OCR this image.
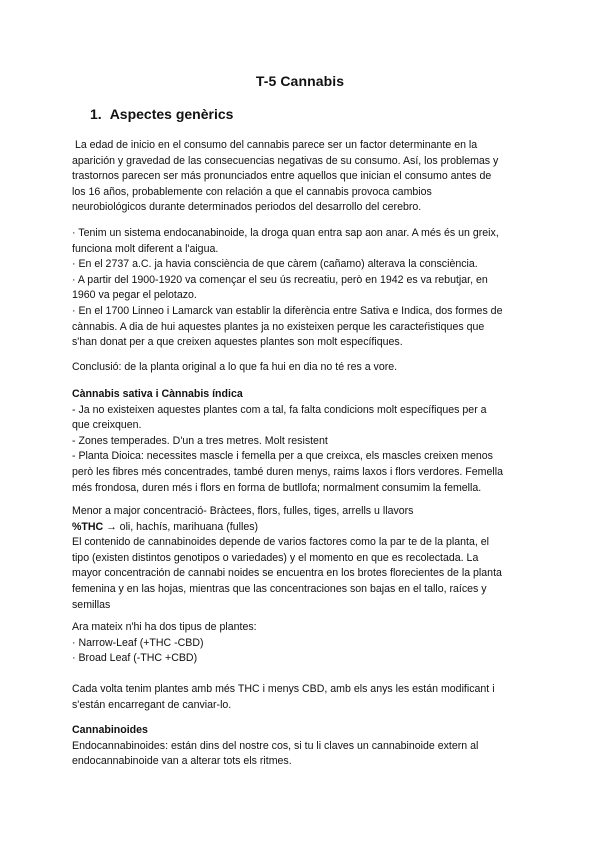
T-5 Cannabis
1. Aspectes genèrics

La edad de inicio en el consumo del cannabis parece ser un factor determinante en la

aparición y gravedad de las consecuencias negativas de su consumo. Así, los problemas y

trastornos parecen ser más pronunciados entre aquellos que inician el consumo antes de

los 16 años, probablemente con relación a que el cannabis provoca cambios

neurobiológicos durante determinados periodos del desarrollo del cerebro.

· Tenim un sistema endocanabinoide, la droga quan entra sap aon anar. A més és un greix,

funciona molt diferent a l'aigua.

· En el 2737 a.C. ja havia consciència de que càrem (cañamo) alterava la consciència.

· A partir del 1900-1920 va començar el seu ús recreatiu, però en 1942 es va rebutjar, en

1960 va pegar el pelotazo.

· En el 1700 Linneo i Lamarck van establir la diferència entre Sativa e Indica, dos formes de

cànnabis. A dia de hui aquestes plantes ja no existeixen perque les caracteŕistiques que

s'han donat per a que creixen aquestes plantes son molt específiques.

Conclusió: de la planta original a lo que fa hui en dia no té res a vore.

Cànnabis sativa i Cànnabis índica

- Ja no existeixen aquestes plantes com a tal, fa falta condicions molt específiques per a

que creixquen.

- Zones temperades. D'un a tres metres. Molt resistent

- Planta Dioica: necessites mascle i femella per a que creixca, els mascles creixen menos

però les fibres més concentrades, també duren menys, raims laxos i flors verdores. Femella

més frondosa, duren més i flors en forma de butllofa; normalment consumim la femella.

Menor a major concentració- Bràctees, flors, fulles, tiges, arrells u llavors

%THC → oli, hachís, marihuana (fulles)

El contenido de cannabinoides depende de varios factores como la par te de la planta, el

tipo (existen distintos genotipos o variedades) y el momento en que es recolectada. La

mayor concentración de cannabi noides se encuentra en los brotes florecientes de la planta

femenina y en las hojas, mientras que las concentraciones son bajas en el tallo, raíces y

semillas

Ara mateix n'hi ha dos tipus de plantes:

· Narrow-Leaf (+THC -CBD)

· Broad Leaf (-THC +CBD)

Cada volta tenim plantes amb més THC i menys CBD, amb els anys les están modificant i

s'están encarregant de canviar-lo.

Cannabinoides

Endocannabinoides: están dins del nostre cos, si tu li claves un cannabinoide extern al

endocannabinoide van a alterar tots els ritmes.
